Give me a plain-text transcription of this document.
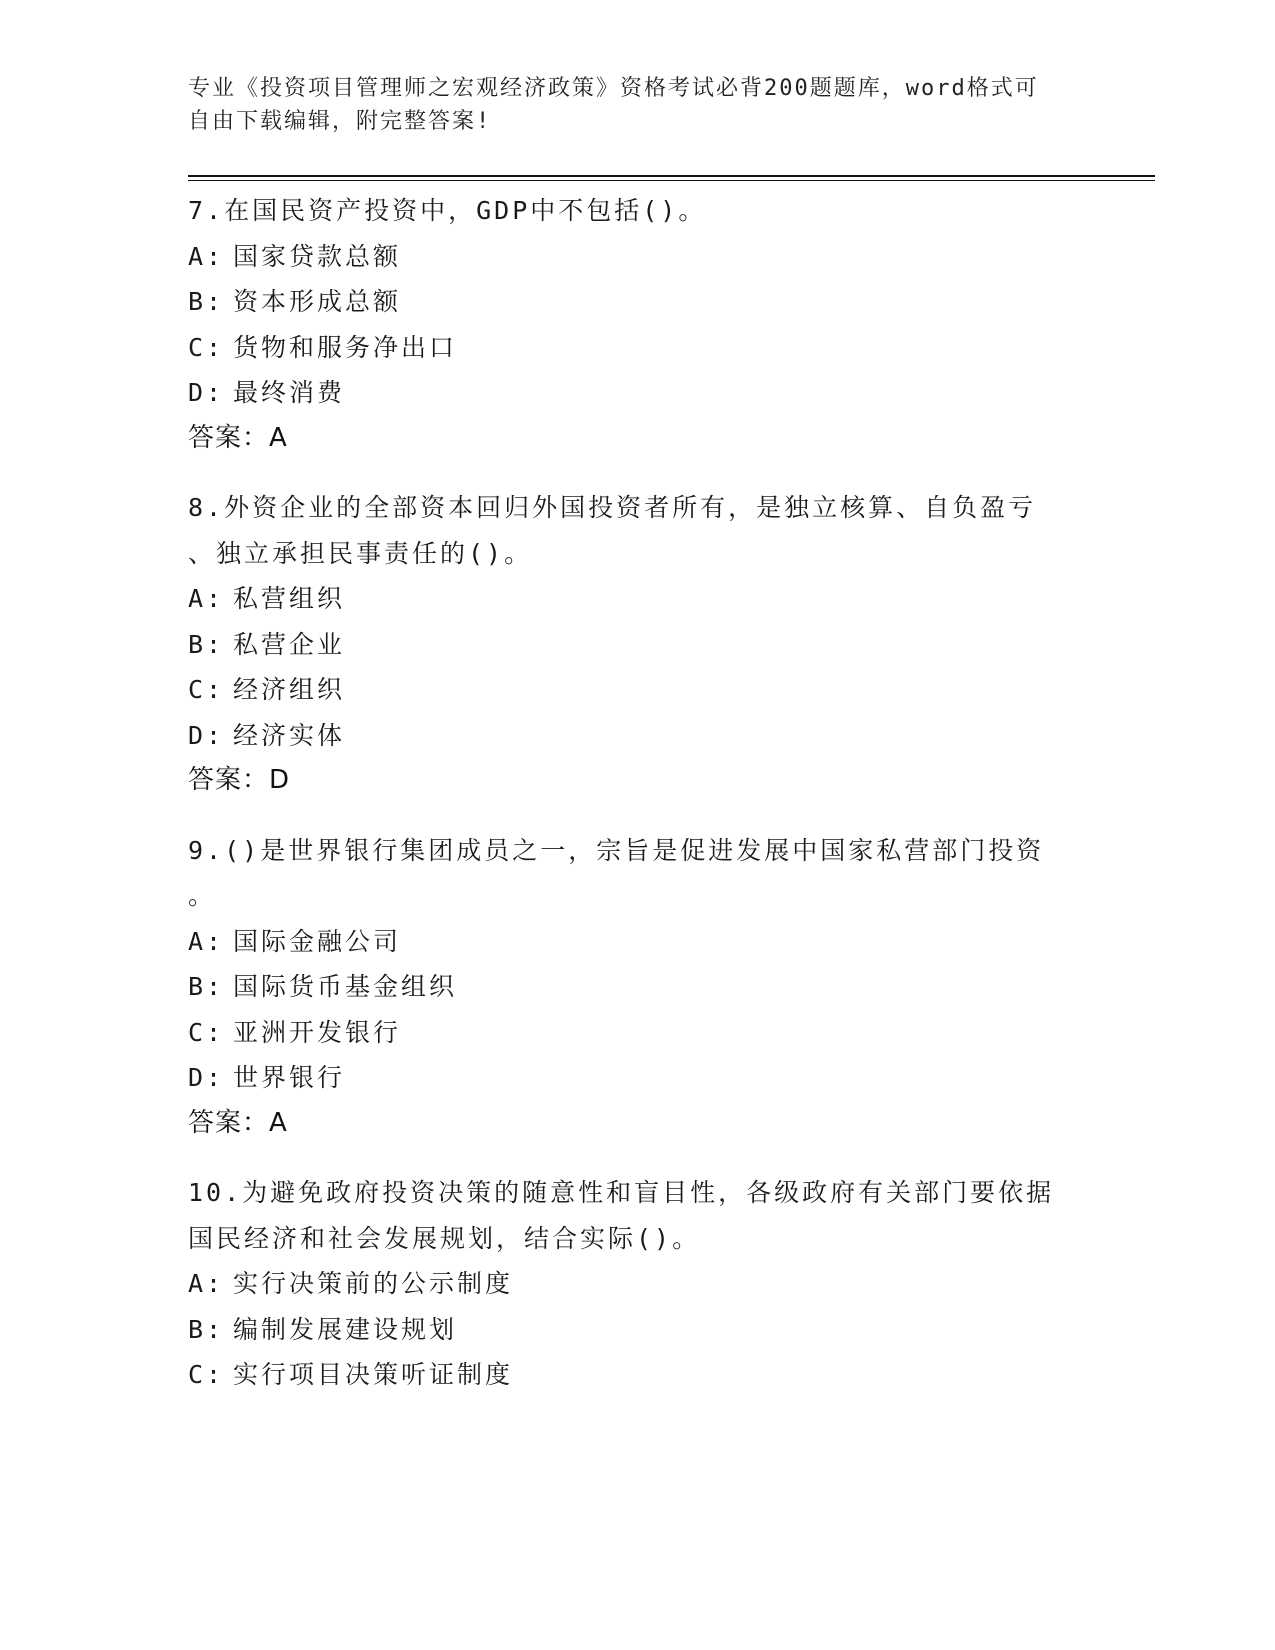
专业《投资项目管理师之宏观经济政策》资格考试必背200题题库，word格式可
自由下载编辑，附完整答案!
7.在国民资产投资中，GDP中不包括()。
A: 国家贷款总额
B: 资本形成总额
C: 货物和服务净出口
D: 最终消费
答案：A
8.外资企业的全部资本回归外国投资者所有，是独立核算、自负盈亏
、独立承担民事责任的()。
A: 私营组织
B: 私营企业
C: 经济组织
D: 经济实体
答案：D
9.()是世界银行集团成员之一，宗旨是促进发展中国家私营部门投资
。
A: 国际金融公司
B: 国际货币基金组织
C: 亚洲开发银行
D: 世界银行
答案：A
10.为避免政府投资决策的随意性和盲目性，各级政府有关部门要依据
国民经济和社会发展规划，结合实际()。
A: 实行决策前的公示制度
B: 编制发展建设规划
C: 实行项目决策听证制度
